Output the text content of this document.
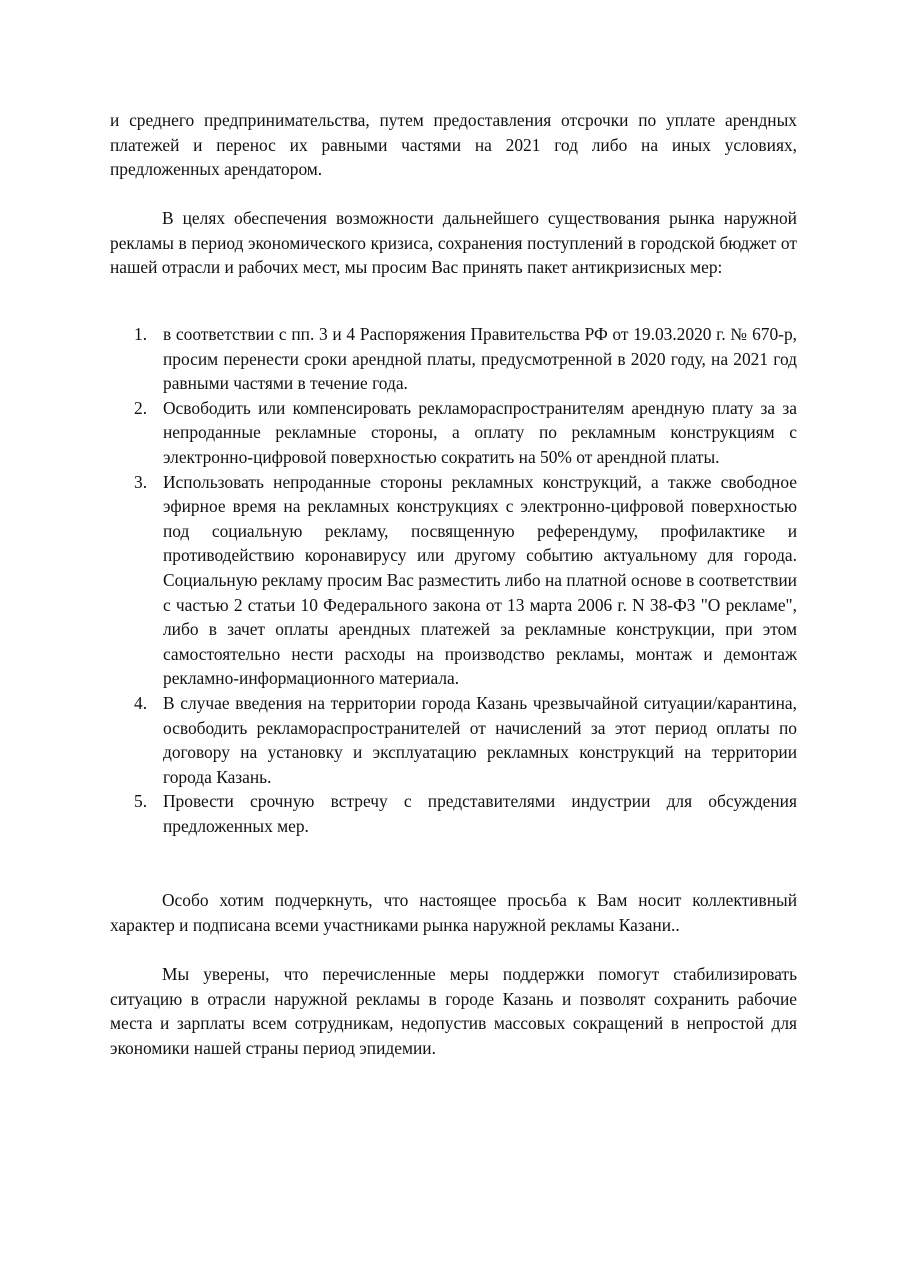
и среднего предпринимательства, путем предоставления отсрочки по уплате арендных платежей и перенос их равными частями на 2021 год либо на иных условиях, предложенных арендатором.

В целях обеспечения возможности дальнейшего существования рынка наружной рекламы в период экономического кризиса, сохранения поступлений в городской бюджет от нашей отрасли и рабочих мест, мы просим Вас принять пакет антикризисных мер:

1. в соответствии с пп. 3 и 4 Распоряжения Правительства РФ от 19.03.2020 г. № 670-р, просим перенести сроки арендной платы, предусмотренной в 2020 году, на 2021 год равными частями в течение года.
2. Освободить или компенсировать рекламораспространителям арендную плату за за непроданные рекламные стороны, а оплату по рекламным конструкциям с электронно-цифровой поверхностью сократить на 50% от арендной платы.
3. Использовать непроданные стороны рекламных конструкций, а также свободное эфирное время на рекламных конструкциях с электронно-цифровой поверхностью под социальную рекламу, посвященную референдуму, профилактике и противодействию коронавирусу или другому событию актуальному для города. Социальную рекламу просим Вас разместить либо на платной основе в соответствии с частью 2 статьи 10 Федерального закона от 13 марта 2006 г. N 38-ФЗ "О рекламе", либо в зачет оплаты арендных платежей за рекламные конструкции, при этом самостоятельно нести расходы на производство рекламы, монтаж и демонтаж рекламно-информационного материала.
4. В случае введения на территории города Казань чрезвычайной ситуации/карантина, освободить рекламораспространителей от начислений за этот период оплаты по договору на установку и эксплуатацию рекламных конструкций на территории города Казань.
5. Провести срочную встречу с представителями индустрии для обсуждения предложенных мер.

Особо хотим подчеркнуть, что настоящее просьба к Вам носит коллективный характер и подписана всеми участниками рынка наружной рекламы Казани..

Мы уверены, что перечисленные меры поддержки помогут стабилизировать ситуацию в отрасли наружной рекламы в городе Казань и позволят сохранить рабочие места и зарплаты всем сотрудникам, недопустив массовых сокращений в непростой для экономики нашей страны период эпидемии.
